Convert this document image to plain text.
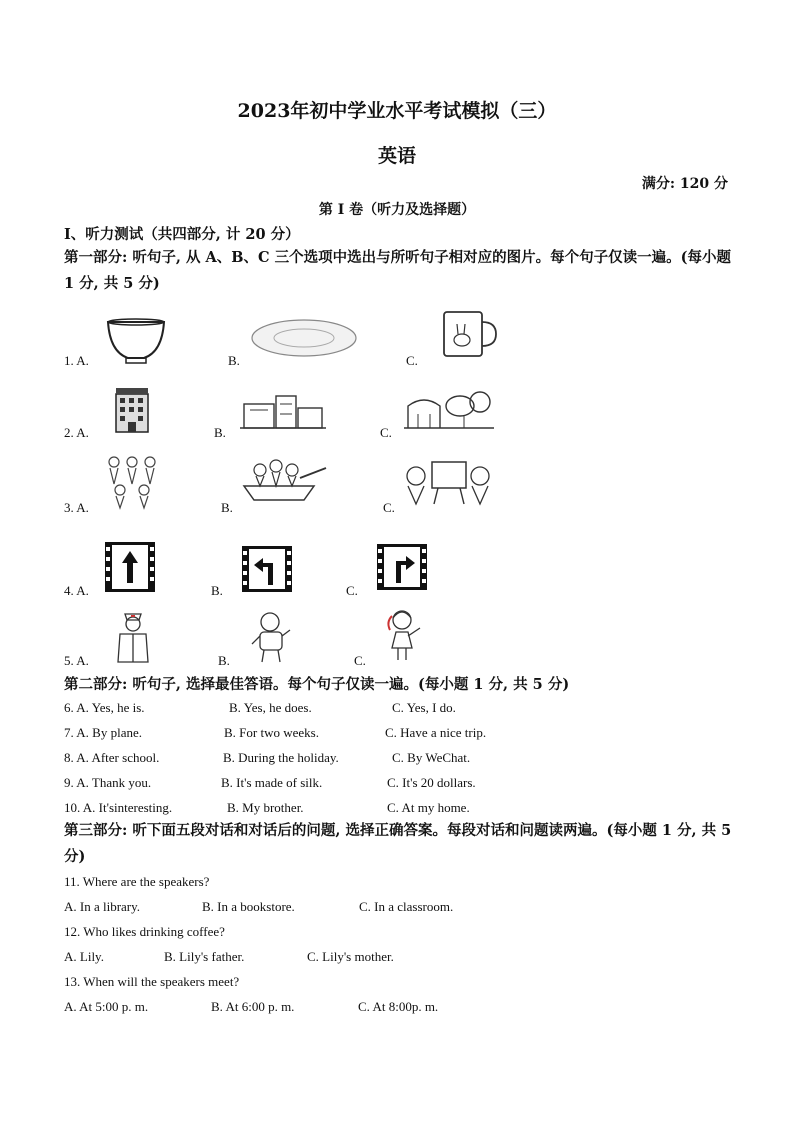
2023年初中学业水平考试模拟（三）
英语
满分: 120 分
第 I 卷（听力及选择题）
I、听力测试（共四部分, 计 20 分）
第一部分: 听句子, 从 A、B、C 三个选项中选出与所听句子相对应的图片。每个句子仅读一遍。(每小题 1 分, 共 5 分)
1. A.	B.	C.
2. A.	B.	C.
3. A.	B.	C.
4. A.	B.	C.
5. A.	B.	C.
第二部分: 听句子, 选择最佳答语。每个句子仅读一遍。(每小题 1 分, 共 5 分)
6. A. Yes, he is.	B. Yes, he does.	C. Yes, I do.
7. A. By plane.	B. For two weeks.	C. Have a nice trip.
8. A. After school.	B. During the holiday.	C. By WeChat.
9. A. Thank you.	B. It's made of silk.	C. It's 20 dollars.
10. A. It'sinteresting.	B. My brother.	C. At my home.
第三部分: 听下面五段对话和对话后的问题, 选择正确答案。每段对话和问题读两遍。(每小题 1 分, 共 5 分)
11. Where are the speakers?
A. In a library.	B. In a bookstore.	C. In a classroom.
12. Who likes drinking coffee?
A. Lily.	B. Lily's father.	C. Lily's mother.
13. When will the speakers meet?
A. At 5:00 p. m.	B. At 6:00 p. m.	C. At 8:00p. m.
